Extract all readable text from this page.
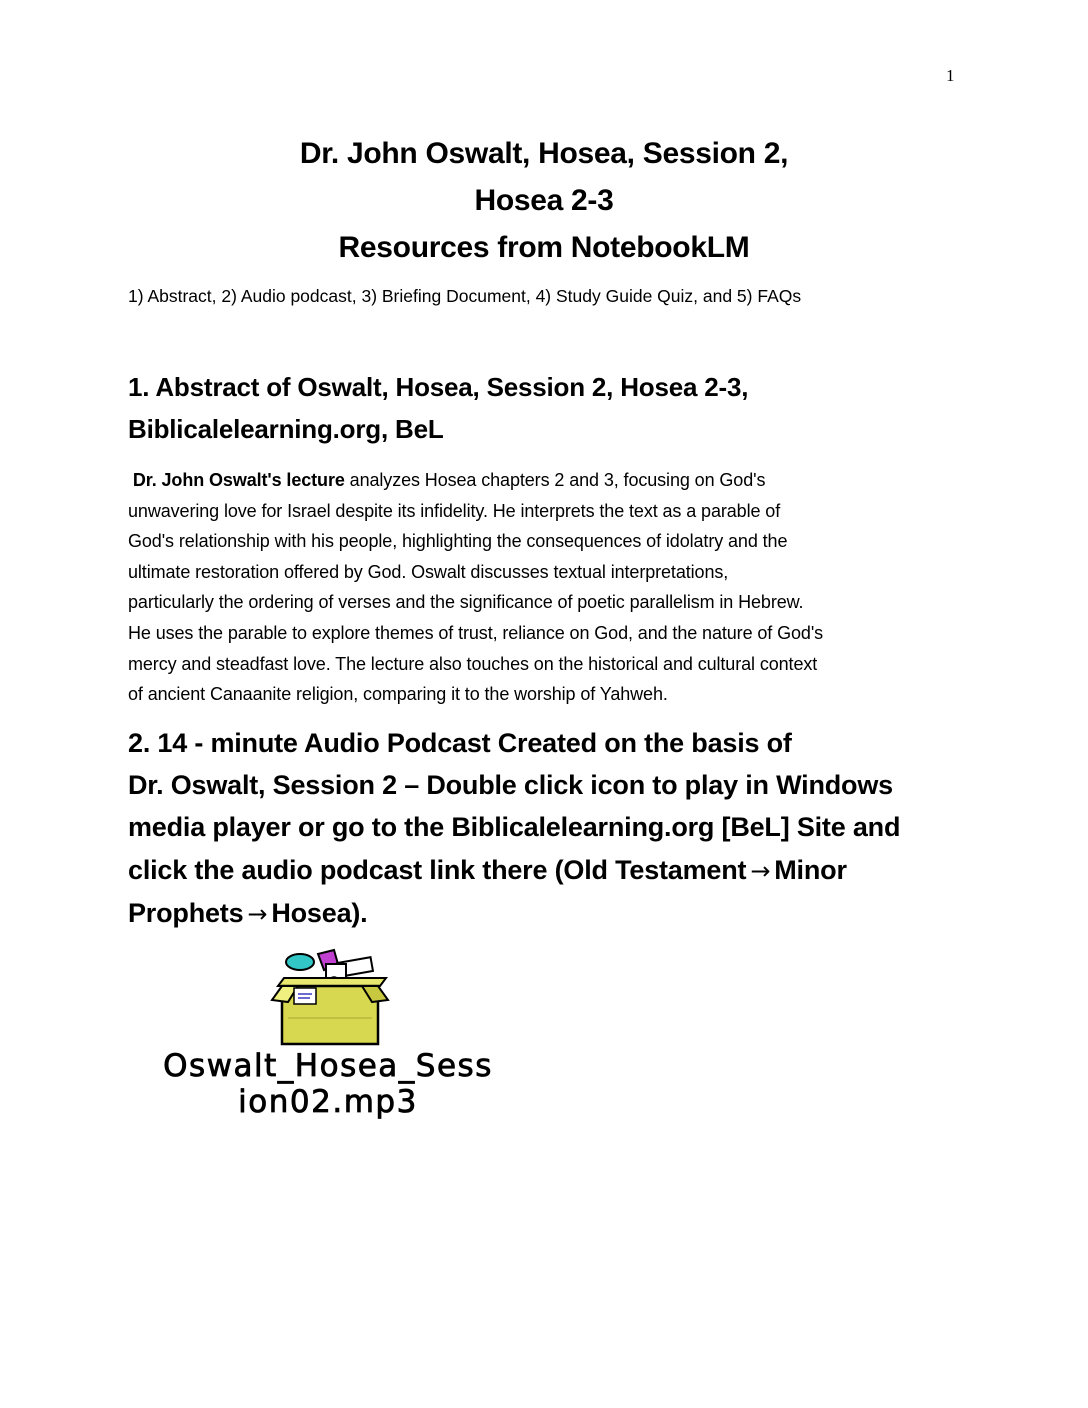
1
Dr. John Oswalt, Hosea, Session 2,
Hosea 2-3
Resources from NotebookLM
1) Abstract, 2) Audio podcast, 3) Briefing Document, 4) Study Guide Quiz, and 5) FAQs
1. Abstract of Oswalt, Hosea, Session 2, Hosea 2-3,
Biblicalelearning.org, BeL
Dr. John Oswalt's lecture analyzes Hosea chapters 2 and 3, focusing on God's
unwavering love for Israel despite its infidelity. He interprets the text as a parable of
God's relationship with his people, highlighting the consequences of idolatry and the
ultimate restoration offered by God. Oswalt discusses textual interpretations,
particularly the ordering of verses and the significance of poetic parallelism in Hebrew.
He uses the parable to explore themes of trust, reliance on God, and the nature of God's
mercy and steadfast love. The lecture also touches on the historical and cultural context
of ancient Canaanite religion, comparing it to the worship of Yahweh.
2. 14 - minute Audio Podcast Created on the basis of
Dr. Oswalt, Session 2 – Double click icon to play in Windows
media player or go to the Biblicalelearning.org [BeL] Site and
click the audio podcast link there (Old Testament → Minor
Prophets → Hosea).
Oswalt_Hosea_Sess
ion02.mp3
